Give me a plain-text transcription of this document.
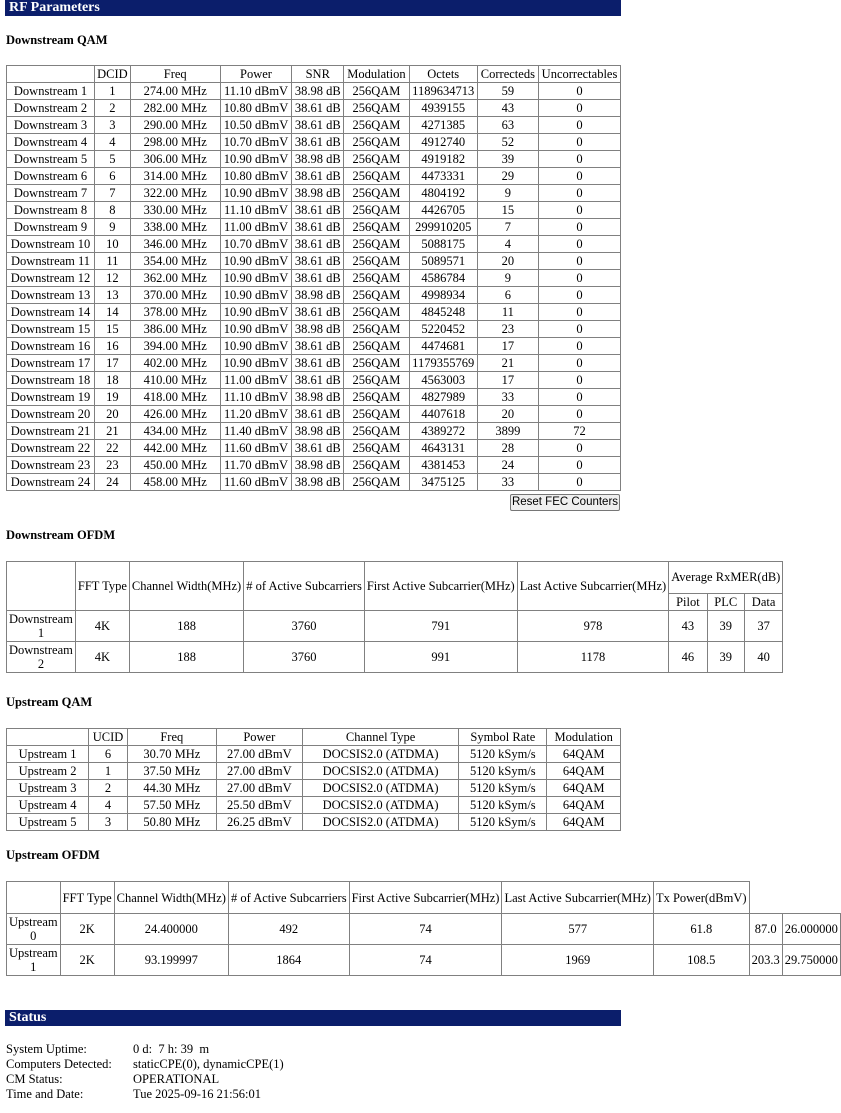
RF Parameters
Downstream QAM
	DCID	Freq	Power	SNR	Modulation	Octets	Correcteds	Uncorrectables
Downstream 1	1	274.00 MHz	11.10 dBmV	38.98 dB	256QAM	1189634713	59	0
Downstream 2	2	282.00 MHz	10.80 dBmV	38.61 dB	256QAM	4939155	43	0
Downstream 3	3	290.00 MHz	10.50 dBmV	38.61 dB	256QAM	4271385	63	0
Downstream 4	4	298.00 MHz	10.70 dBmV	38.61 dB	256QAM	4912740	52	0
Downstream 5	5	306.00 MHz	10.90 dBmV	38.98 dB	256QAM	4919182	39	0
Downstream 6	6	314.00 MHz	10.80 dBmV	38.61 dB	256QAM	4473331	29	0
Downstream 7	7	322.00 MHz	10.90 dBmV	38.98 dB	256QAM	4804192	9	0
Downstream 8	8	330.00 MHz	11.10 dBmV	38.61 dB	256QAM	4426705	15	0
Downstream 9	9	338.00 MHz	11.00 dBmV	38.61 dB	256QAM	299910205	7	0
Downstream 10	10	346.00 MHz	10.70 dBmV	38.61 dB	256QAM	5088175	4	0
Downstream 11	11	354.00 MHz	10.90 dBmV	38.61 dB	256QAM	5089571	20	0
Downstream 12	12	362.00 MHz	10.90 dBmV	38.61 dB	256QAM	4586784	9	0
Downstream 13	13	370.00 MHz	10.90 dBmV	38.98 dB	256QAM	4998934	6	0
Downstream 14	14	378.00 MHz	10.90 dBmV	38.61 dB	256QAM	4845248	11	0
Downstream 15	15	386.00 MHz	10.90 dBmV	38.98 dB	256QAM	5220452	23	0
Downstream 16	16	394.00 MHz	10.90 dBmV	38.61 dB	256QAM	4474681	17	0
Downstream 17	17	402.00 MHz	10.90 dBmV	38.61 dB	256QAM	1179355769	21	0
Downstream 18	18	410.00 MHz	11.00 dBmV	38.61 dB	256QAM	4563003	17	0
Downstream 19	19	418.00 MHz	11.10 dBmV	38.98 dB	256QAM	4827989	33	0
Downstream 20	20	426.00 MHz	11.20 dBmV	38.61 dB	256QAM	4407618	20	0
Downstream 21	21	434.00 MHz	11.40 dBmV	38.98 dB	256QAM	4389272	3899	72
Downstream 22	22	442.00 MHz	11.60 dBmV	38.61 dB	256QAM	4643131	28	0
Downstream 23	23	450.00 MHz	11.70 dBmV	38.98 dB	256QAM	4381453	24	0
Downstream 24	24	458.00 MHz	11.60 dBmV	38.98 dB	256QAM	3475125	33	0
Reset FEC Counters
Downstream OFDM
	FFT Type	Channel Width(MHz)	# of Active Subcarriers	First Active Subcarrier(MHz)	Last Active Subcarrier(MHz)	Average RxMER(dB)		
						Pilot	PLC	Data
Downstream 1	4K	188	3760	791	978	43	39	37
Downstream 2	4K	188	3760	991	1178	46	39	40
Upstream QAM
	UCID	Freq	Power	Channel Type	Symbol Rate	Modulation
Upstream 1	6	30.70 MHz	27.00 dBmV	DOCSIS2.0 (ATDMA)	5120 kSym/s	64QAM
Upstream 2	1	37.50 MHz	27.00 dBmV	DOCSIS2.0 (ATDMA)	5120 kSym/s	64QAM
Upstream 3	2	44.30 MHz	27.00 dBmV	DOCSIS2.0 (ATDMA)	5120 kSym/s	64QAM
Upstream 4	4	57.50 MHz	25.50 dBmV	DOCSIS2.0 (ATDMA)	5120 kSym/s	64QAM
Upstream 5	3	50.80 MHz	26.25 dBmV	DOCSIS2.0 (ATDMA)	5120 kSym/s	64QAM
Upstream OFDM
	FFT Type	Channel Width(MHz)	# of Active Subcarriers	First Active Subcarrier(MHz)	Last Active Subcarrier(MHz)	Tx Power(dBmV)		
Upstream 0	2K	24.400000	492	74	577	61.8	87.0	26.000000
Upstream 1	2K	93.199997	1864	74	1969	108.5	203.3	29.750000
Status
System Uptime:	0 d:  7 h: 39  m
Computers Detected: staticCPE(0), dynamicCPE(1)
CM Status:	OPERATIONAL
Time and Date:	Tue 2025-09-16 21:56:01
